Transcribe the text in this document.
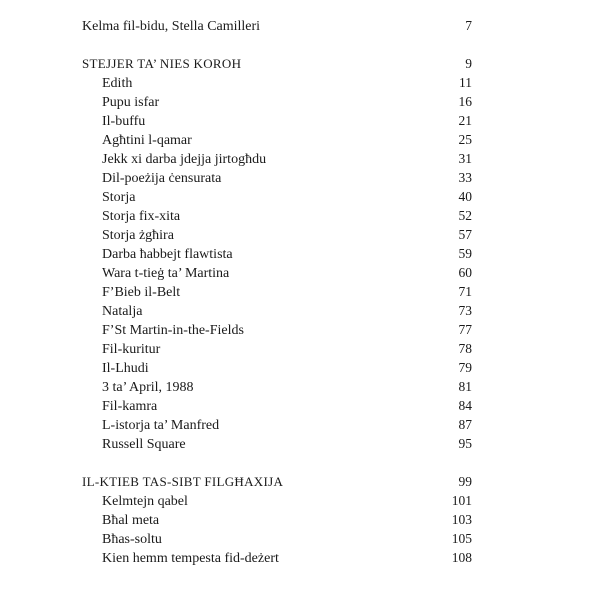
Kelma fil-bidu, Stella Camilleri	7
STEJJER TA’ NIES KOROH	9
Edith	11
Pupu isfar	16
Il-buffu	21
Agħtini l-qamar	25
Jekk xi darba jdejja jirtogħdu	31
Dil-poeżija ċensurata	33
Storja	40
Storja fix-xita	52
Storja żgħira	57
Darba ħabbejt flawtista	59
Wara t-tieġ ta’ Martina	60
F’Bieb il-Belt	71
Natalja	73
F’St Martin-in-the-Fields	77
Fil-kuritur	78
Il-Lhudi	79
3 ta’ April, 1988	81
Fil-kamra	84
L-istorja ta’ Manfred	87
Russell Square	95
IL-KTIEB TAS-SIBT FILGĦAXIJA	99
Kelmtejn qabel	101
Bħal meta	103
Bħas-soltu	105
Kien hemm tempesta fid-deżert	108
